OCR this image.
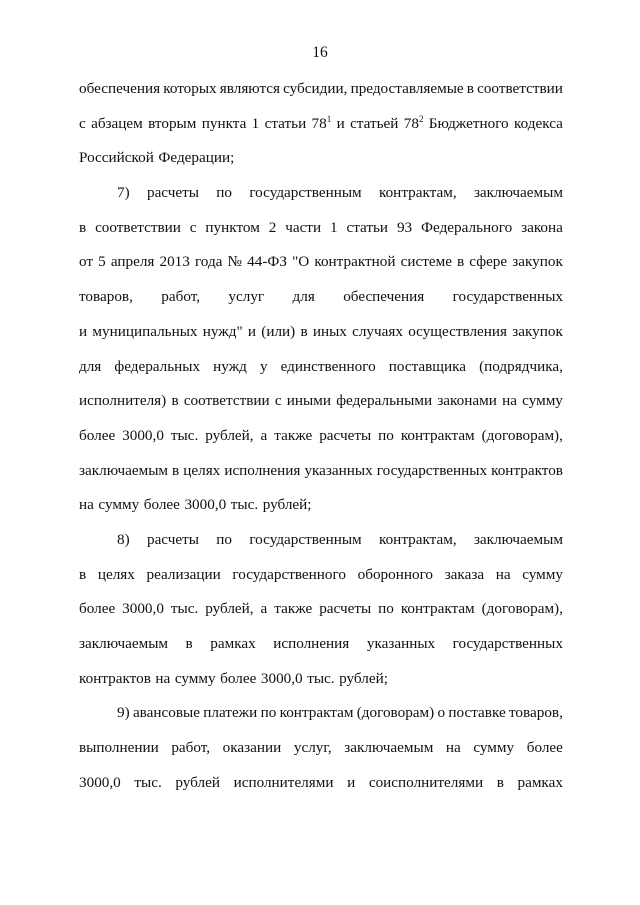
16
обеспечения которых являются субсидии, предоставляемые в соответствии
с абзацем вторым пункта 1 статьи $78^1$ и статьей $78^2$ Бюджетного кодекса
Российской Федерации;
7) расчеты по государственным контрактам, заключаемым
в соответствии с пунктом 2 части 1 статьи 93 Федерального закона
от 5 апреля 2013 года № 44-ФЗ "О контрактной системе в сфере закупок
товаров, работ, услуг для обеспечения государственных
и муниципальных нужд" и (или) в иных случаях осуществления закупок
для федеральных нужд у единственного поставщика (подрядчика,
исполнителя) в соответствии с иными федеральными законами на сумму
более 3000,0 тыс. рублей, а также расчеты по контрактам (договорам),
заключаемым в целях исполнения указанных государственных контрактов
на сумму более 3000,0 тыс. рублей;
8) расчеты по государственным контрактам, заключаемым
в целях реализации государственного оборонного заказа на сумму
более 3000,0 тыс. рублей, а также расчеты по контрактам (договорам),
заключаемым в рамках исполнения указанных государственных
контрактов на сумму более 3000,0 тыс. рублей;
9) авансовые платежи по контрактам (договорам) о поставке товаров,
выполнении работ, оказании услуг, заключаемым на сумму более
3000,0 тыс. рублей исполнителями и соисполнителями в рамках
